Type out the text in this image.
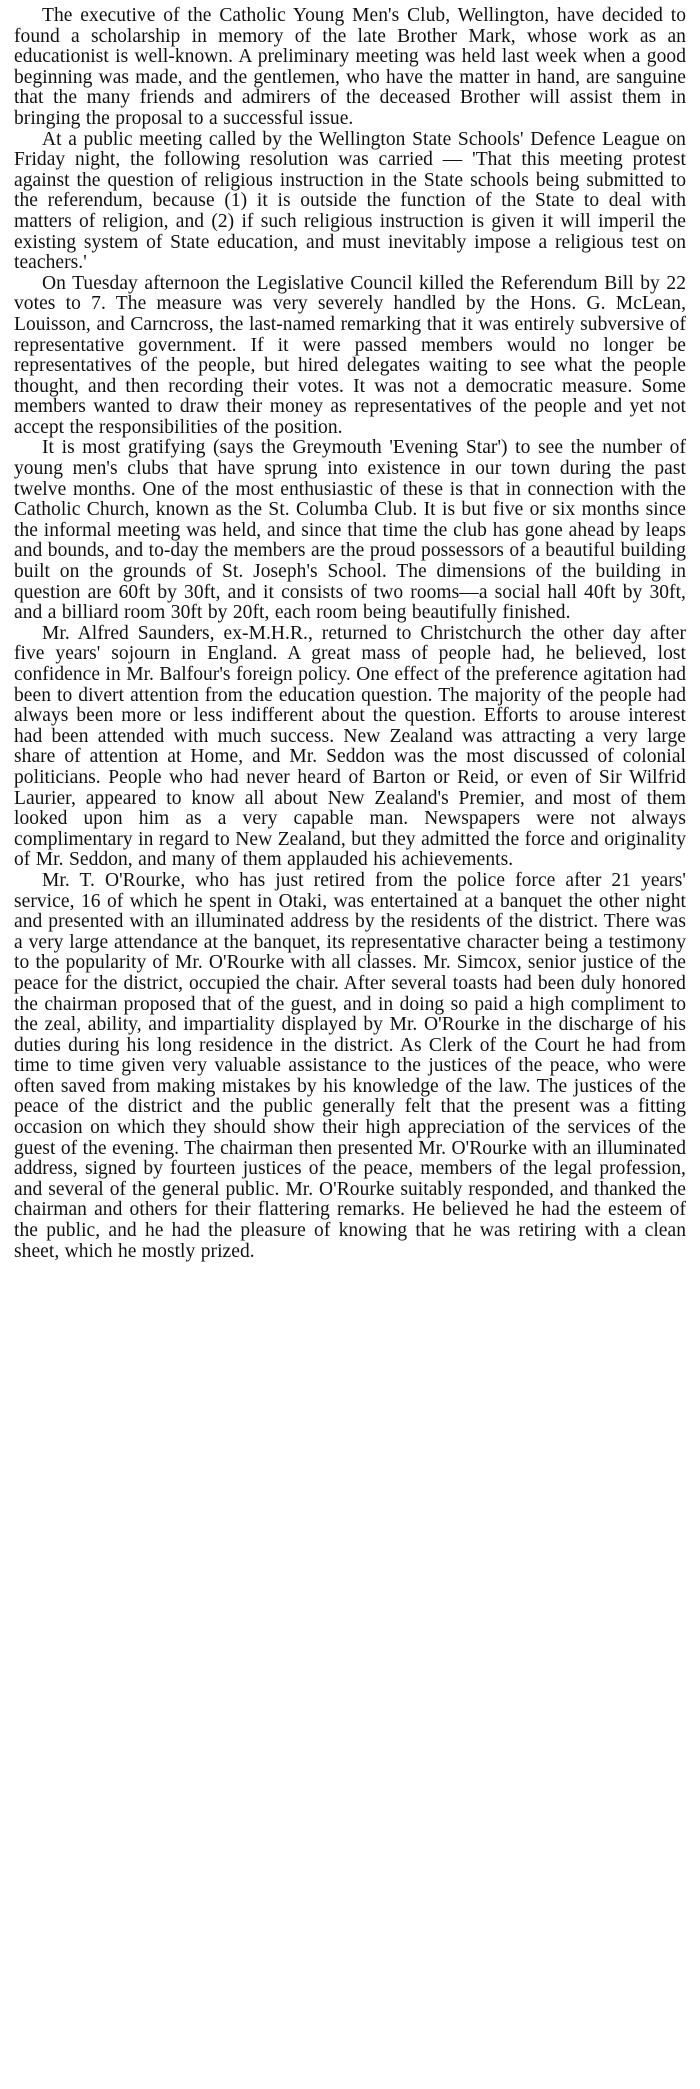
The executive of the Catholic Young Men's Club, Wellington, have decided to found a scholarship in memory of the late Brother Mark, whose work as an educationist is well-known. A preliminary meeting was held last week when a good beginning was made, and the gentlemen, who have the matter in hand, are sanguine that the many friends and admirers of the deceased Brother will assist them in bringing the proposal to a successful issue.

At a public meeting called by the Wellington State Schools' Defence League on Friday night, the following resolution was carried — 'That this meeting protest against the question of religious instruction in the State schools being submitted to the referendum, because (1) it is outside the function of the State to deal with matters of religion, and (2) if such religious instruction is given it will imperil the existing system of State education, and must inevitably impose a religious test on teachers.'

On Tuesday afternoon the Legislative Council killed the Referendum Bill by 22 votes to 7. The measure was very severely handled by the Hons. G. McLean, Louisson, and Carncross, the last-named remarking that it was entirely subversive of representative government. If it were passed members would no longer be representatives of the people, but hired delegates waiting to see what the people thought, and then recording their votes. It was not a democratic measure. Some members wanted to draw their money as representatives of the people and yet not accept the responsibilities of the position.

It is most gratifying (says the Greymouth 'Evening Star') to see the number of young men's clubs that have sprung into existence in our town during the past twelve months. One of the most enthusiastic of these is that in connection with the Catholic Church, known as the St. Columba Club. It is but five or six months since the informal meeting was held, and since that time the club has gone ahead by leaps and bounds, and to-day the members are the proud possessors of a beautiful building built on the grounds of St. Joseph's School. The dimensions of the building in question are 60ft by 30ft, and it consists of two rooms—a social hall 40ft by 30ft, and a billiard room 30ft by 20ft, each room being beautifully finished.

Mr. Alfred Saunders, ex-M.H.R., returned to Christchurch the other day after five years' sojourn in England. A great mass of people had, he believed, lost confidence in Mr. Balfour's foreign policy. One effect of the preference agitation had been to divert attention from the education question. The majority of the people had always been more or less indifferent about the question. Efforts to arouse interest had been attended with much success. New Zealand was attracting a very large share of attention at Home, and Mr. Seddon was the most discussed of colonial politicians. People who had never heard of Barton or Reid, or even of Sir Wilfrid Laurier, appeared to know all about New Zealand's Premier, and most of them looked upon him as a very capable man. Newspapers were not always complimentary in regard to New Zealand, but they admitted the force and originality of Mr. Seddon, and many of them applauded his achievements.

Mr. T. O'Rourke, who has just retired from the police force after 21 years' service, 16 of which he spent in Otaki, was entertained at a banquet the other night and presented with an illuminated address by the residents of the district. There was a very large attendance at the banquet, its representative character being a testimony to the popularity of Mr. O'Rourke with all classes. Mr. Simcox, senior justice of the peace for the district, occupied the chair. After several toasts had been duly honored the chairman proposed that of the guest, and in doing so paid a high compliment to the zeal, ability, and impartiality displayed by Mr. O'Rourke in the discharge of his duties during his long residence in the district. As Clerk of the Court he had from time to time given very valuable assistance to the justices of the peace, who were often saved from making mistakes by his knowledge of the law. The justices of the peace of the district and the public generally felt that the present was a fitting occasion on which they should show their high appreciation of the services of the guest of the evening. The chairman then presented Mr. O'Rourke with an illuminated address, signed by fourteen justices of the peace, members of the legal profession, and several of the general public. Mr. O'Rourke suitably responded, and thanked the chairman and others for their flattering remarks. He believed he had the esteem of the public, and he had the pleasure of knowing that he was retiring with a clean sheet, which he mostly prized.
